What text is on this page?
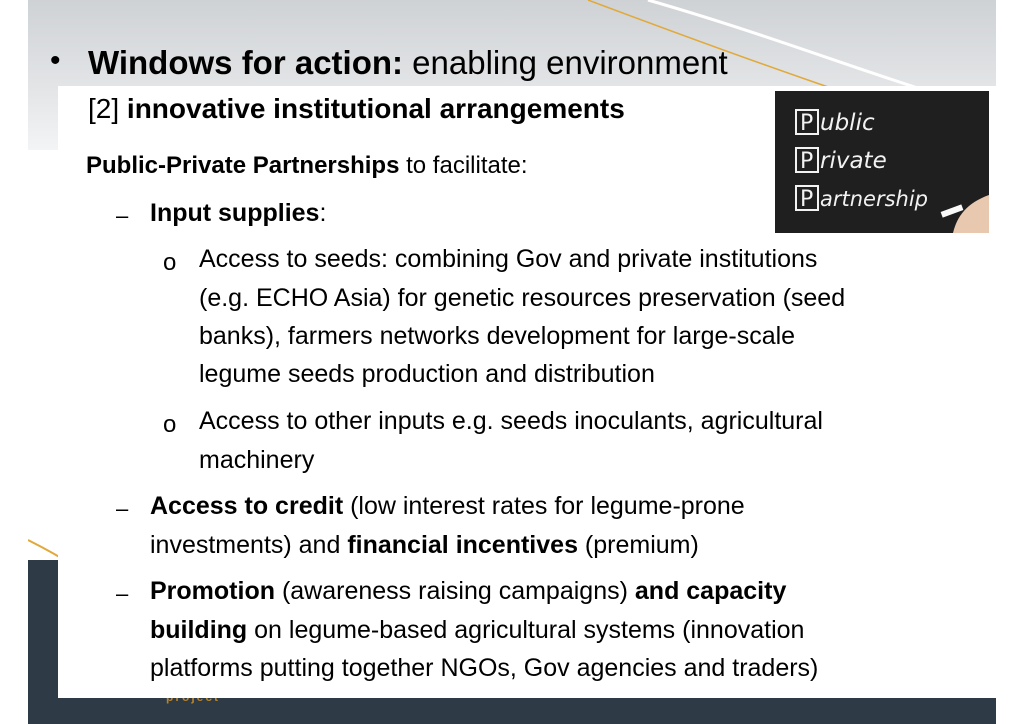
• Windows for action: enabling environment
[2] innovative institutional arrangements
Public-Private Partnerships to facilitate:
‒ Input supplies:
o Access to seeds: combining Gov and private institutions
(e.g. ECHO Asia) for genetic resources preservation (seed
banks), farmers networks development for large-scale
legume seeds production and distribution
o Access to other inputs e.g. seeds inoculants, agricultural
machinery
‒ Access to credit (low interest rates for legume-prone
investments) and financial incentives (premium)
‒ Promotion (awareness raising campaigns) and capacity
building on legume-based agricultural systems (innovation
platforms putting together NGOs, Gov agencies and traders)
P
P
P
ublic
rivate
artnership
